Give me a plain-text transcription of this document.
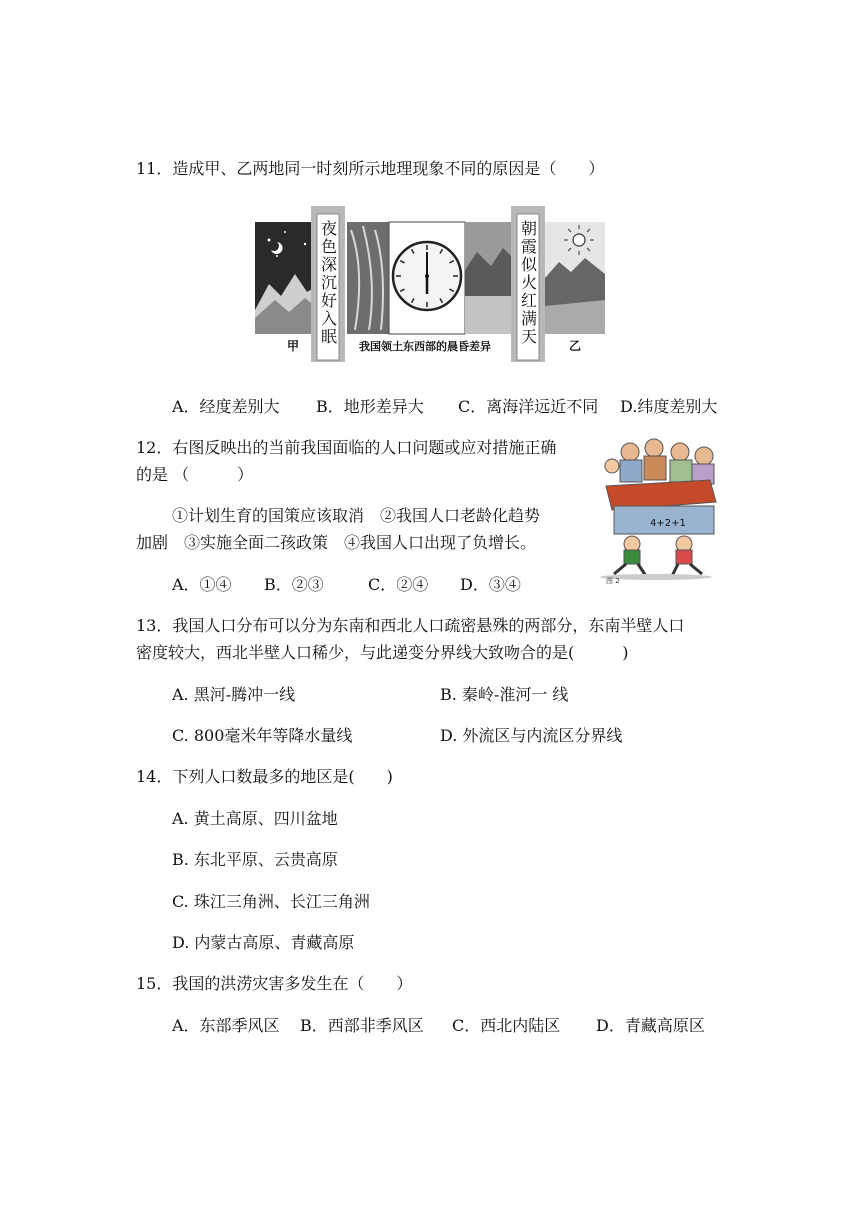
11．造成甲、乙两地同一时刻所示地理现象不同的原因是（　　）
夜色深沉好入眠	朝霞似火红满天
甲	我国领土东西部的晨昏差异	乙
A．经度差别大 B．地形差异大 C．离海洋远近不同 D.纬度差别大
12．右图反映出的当前我国面临的人口问题或应对措施正确
的是 （　　　）
①计划生育的国策应该取消　②我国人口老龄化趋势
加剧　③实施全面二孩政策　④我国人口出现了负增长。
A．①④ B．②③	C．②④ D．③④
4+2+1
图 2
13．我国人口分布可以分为东南和西北人口疏密悬殊的两部分，东南半壁人口
密度较大，西北半壁人口稀少，与此递变分界线大致吻合的是(　　　)
A. 黑河-腾冲一线	B. 秦岭-淮河一 线
C. 800毫米年等降水量线	D. 外流区与内流区分界线
14．下列人口数最多的地区是(　　)
A. 黄土高原、四川盆地
B. 东北平原、云贵高原
C. 珠江三角洲、长江三角洲
D. 内蒙古高原、青藏高原
15．我国的洪涝灾害多发生在（　　）
A．东部季风区 B．西部非季风区 C．西北内陆区 D．青藏高原区
